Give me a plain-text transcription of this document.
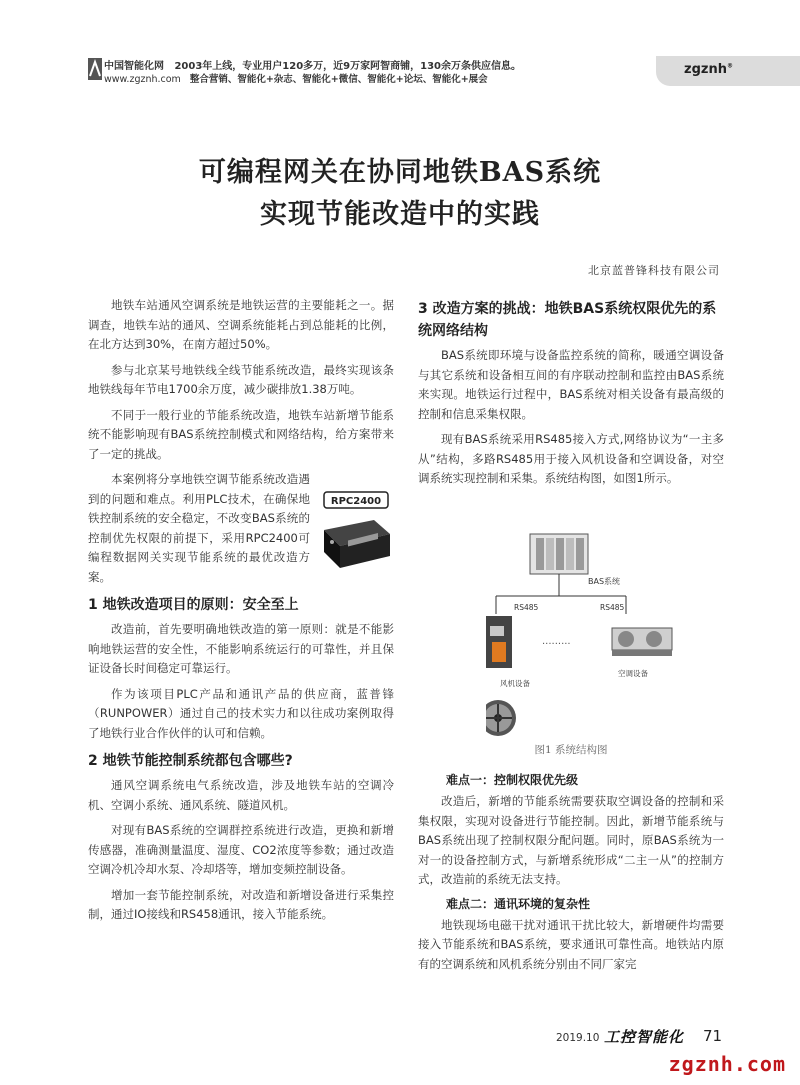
中国智能化网 2003年上线，专业用户120多万，近9万家阿智商铺，130余万条供应信息。
www.zgznh.com 整合营销、智能化+杂志、智能化+微信、智能化+论坛、智能化+展会
zgznh®
可编程网关在协同地铁BAS系统
实现节能改造中的实践
北京蓝普锋科技有限公司

地铁车站通风空调系统是地铁运营的主要能耗之一。据调查，地铁车站的通风、空调系统能耗占到总能耗的比例，在北方达到30%，在南方超过50%。

参与北京某号地铁线全线节能系统改造，最终实现该条地铁线每年节电1700余万度，减少碳排放1.38万吨。

不同于一般行业的节能系统改造，地铁车站新增节能系统不能影响现有BAS系统控制模式和网络结构，给方案带来了一定的挑战。

本案例将分享地铁空调节能系统改造遇到的问题和难点。利用PLC技术，在确保地铁控制系统的安全稳定，不改变BAS系统的控制优先权限的前提下，采用RPC2400可编程数据网关实现节能系统的最优改造方案。

1 地铁改造项目的原则：安全至上

改造前，首先要明确地铁改造的第一原则：就是不能影响地铁运营的安全性，不能影响系统运行的可靠性，并且保证设备长时间稳定可靠运行。

作为该项目PLC产品和通讯产品的供应商，蓝普锋（RUNPOWER）通过自己的技术实力和以往成功案例取得了地铁行业合作伙伴的认可和信赖。

2 地铁节能控制系统都包含哪些?

通风空调系统电气系统改造，涉及地铁车站的空调冷机、空调小系统、通风系统、隧道风机。

对现有BAS系统的空调群控系统进行改造，更换和新增传感器，准确测量温度、湿度、CO2浓度等参数；通过改造空调冷机冷却水泵、冷却塔等，增加变频控制设备。

增加一套节能控制系统，对改造和新增设备进行采集控制，通过IO接线和RS458通讯，接入节能系统。

RPC2400
3 改造方案的挑战：地铁BAS系统权限优先的系统网络结构

BAS系统即环境与设备监控系统的简称，暖通空调设备与其它系统和设备相互间的有序联动控制和监控由BAS系统来实现。地铁运行过程中，BAS系统对相关设备有最高级的控制和信息采集权限。

现有BAS系统采用RS485接入方式,网络协议为“一主多从”结构，多路RS485用于接入风机设备和空调设备，对空调系统实现控制和采集。系统结构图，如图1所示。

BAS系统
RS485	RS485
.........
空调设备
风机设备
图1 系统结构图
难点一：控制权限优先级

改造后，新增的节能系统需要获取空调设备的控制和采集权限，实现对设备进行节能控制。因此，新增节能系统与BAS系统出现了控制权限分配问题。同时，原BAS系统为一对一的设备控制方式，与新增系统形成“二主一从”的控制方式，改造前的系统无法支持。

难点二：通讯环境的复杂性

地铁现场电磁干扰对通讯干扰比较大，新增硬件均需要接入节能系统和BAS系统，要求通讯可靠性高。地铁站内原有的空调系统和风机系统分别由不同厂家完

2019.10 工控智能化 71
zgznh.com
